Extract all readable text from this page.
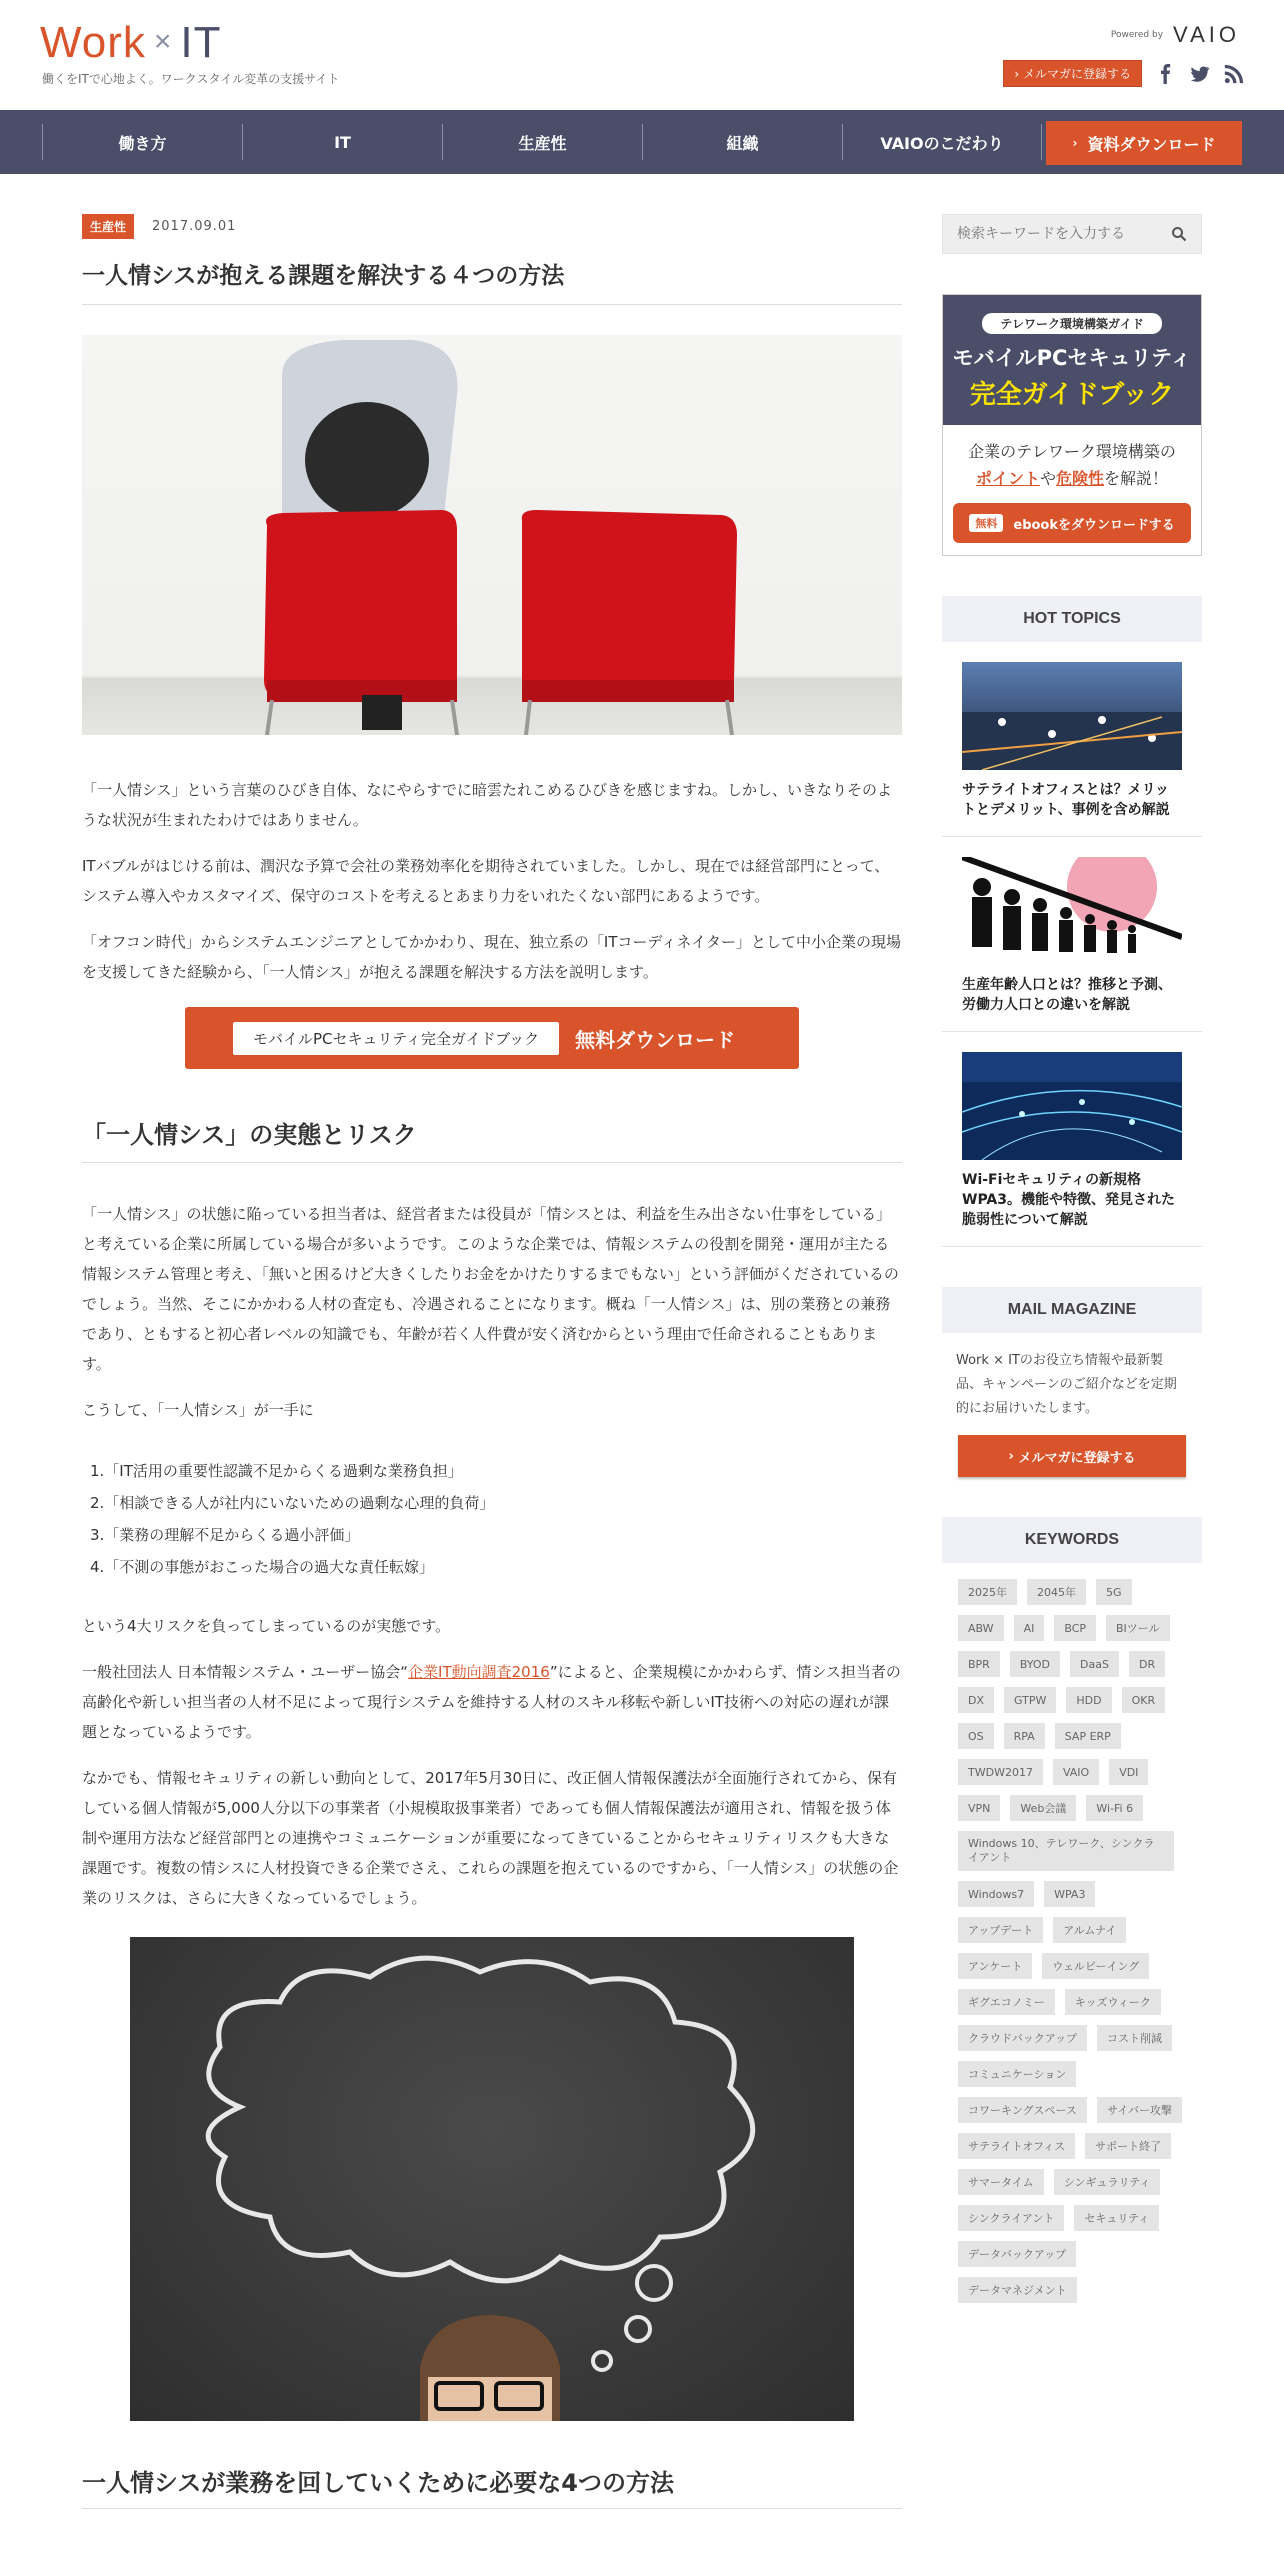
Work × IT
働くをITで心地よく。ワークスタイル変革の支援サイト
Powered by VAIO
› メルマガに登録する
働き方	IT	生産性	組織	VAIOのこだわり	› 資料ダウンロード
生産性	2017.09.01
一人情シスが抱える課題を解決する４つの方法

「一人情シス」という言葉のひびき自体、なにやらすでに暗雲たれこめるひびきを感じますね。しかし、いきなりそのような状況が生まれたわけではありません。

ITバブルがはじける前は、潤沢な予算で会社の業務効率化を期待されていました。しかし、現在では経営部門にとって、システム導入やカスタマイズ、保守のコストを考えるとあまり力をいれたくない部門にあるようです。

「オフコン時代」からシステムエンジニアとしてかかわり、現在、独立系の「ITコーディネイター」として中小企業の現場を支援してきた経験から、「一人情シス」が抱える課題を解決する方法を説明します。

モバイルPCセキュリティ完全ガイドブック	無料ダウンロード
「一人情シス」の実態とリスク

「一人情シス」の状態に陥っている担当者は、経営者または役員が「情シスとは、利益を生み出さない仕事をしている」と考えている企業に所属している場合が多いようです。このような企業では、情報システムの役割を開発・運用が主たる情報システム管理と考え、「無いと困るけど大きくしたりお金をかけたりするまでもない」という評価がくだされているのでしょう。当然、そこにかかわる人材の査定も、冷遇されることになります。概ね「一人情シス」は、別の業務との兼務であり、ともすると初心者レベルの知識でも、年齢が若く人件費が安く済むからという理由で任命されることもあります。

こうして、「一人情シス」が一手に

1.「IT活用の重要性認識不足からくる過剰な業務負担」
2.「相談できる人が社内にいないための過剰な心理的負荷」
3.「業務の理解不足からくる過小評価」
4.「不測の事態がおこった場合の過大な責任転嫁」

という4大リスクを負ってしまっているのが実態です。

一般社団法人 日本情報システム・ユーザー協会“企業IT動向調査2016”によると、企業規模にかかわらず、情シス担当者の高齢化や新しい担当者の人材不足によって現行システムを維持する人材のスキル移転や新しいIT技術への対応の遅れが課題となっているようです。

なかでも、情報セキュリティの新しい動向として、2017年5月30日に、改正個人情報保護法が全面施行されてから、保有している個人情報が5,000人分以下の事業者（小規模取扱事業者）であっても個人情報保護法が適用され、情報を扱う体制や運用方法など経営部門との連携やコミュニケーションが重要になってきていることからセキュリティリスクも大きな課題です。複数の情シスに人材投資できる企業でさえ、これらの課題を抱えているのですから、「一人情シス」の状態の企業のリスクは、さらに大きくなっているでしょう。

一人情シスが業務を回していくために必要な4つの方法
検索キーワードを入力する
テレワーク環境構築ガイド
モバイルPCセキュリティ
完全ガイドブック
企業のテレワーク環境構築の
ポイントや危険性を解説！
無料	ebookをダウンロードする
HOT TOPICS
サテライトオフィスとは？メリットとデメリット、事例を含め解説
生産年齢人口とは？推移と予測、労働力人口との違いを解説
Wi-Fiセキュリティの新規格WPA3。機能や特徴、発見された脆弱性について解説
MAIL MAGAZINE
Work × ITのお役立ち情報や最新製品、キャンペーンのご紹介などを定期的にお届けいたします。
› メルマガに登録する
KEYWORDS
2025年	2045年	5G
ABW	AI	BCP	BIツール
BPR	BYOD	DaaS	DR
DX	GTPW	HDD	OKR
OS	RPA	SAP ERP
TWDW2017	VAIO	VDI
VPN	Web会議	Wi-Fi 6
Windows 10、テレワーク、シンクライアント
Windows7	WPA3
アップデート	アルムナイ
アンケート	ウェルビーイング
ギグエコノミー	キッズウィーク
クラウドバックアップ	コスト削減
コミュニケーション
コワーキングスペース	サイバー攻撃
サテライトオフィス	サポート終了
サマータイム	シンギュラリティ
シンクライアント	セキュリティ
データバックアップ
データマネジメント
